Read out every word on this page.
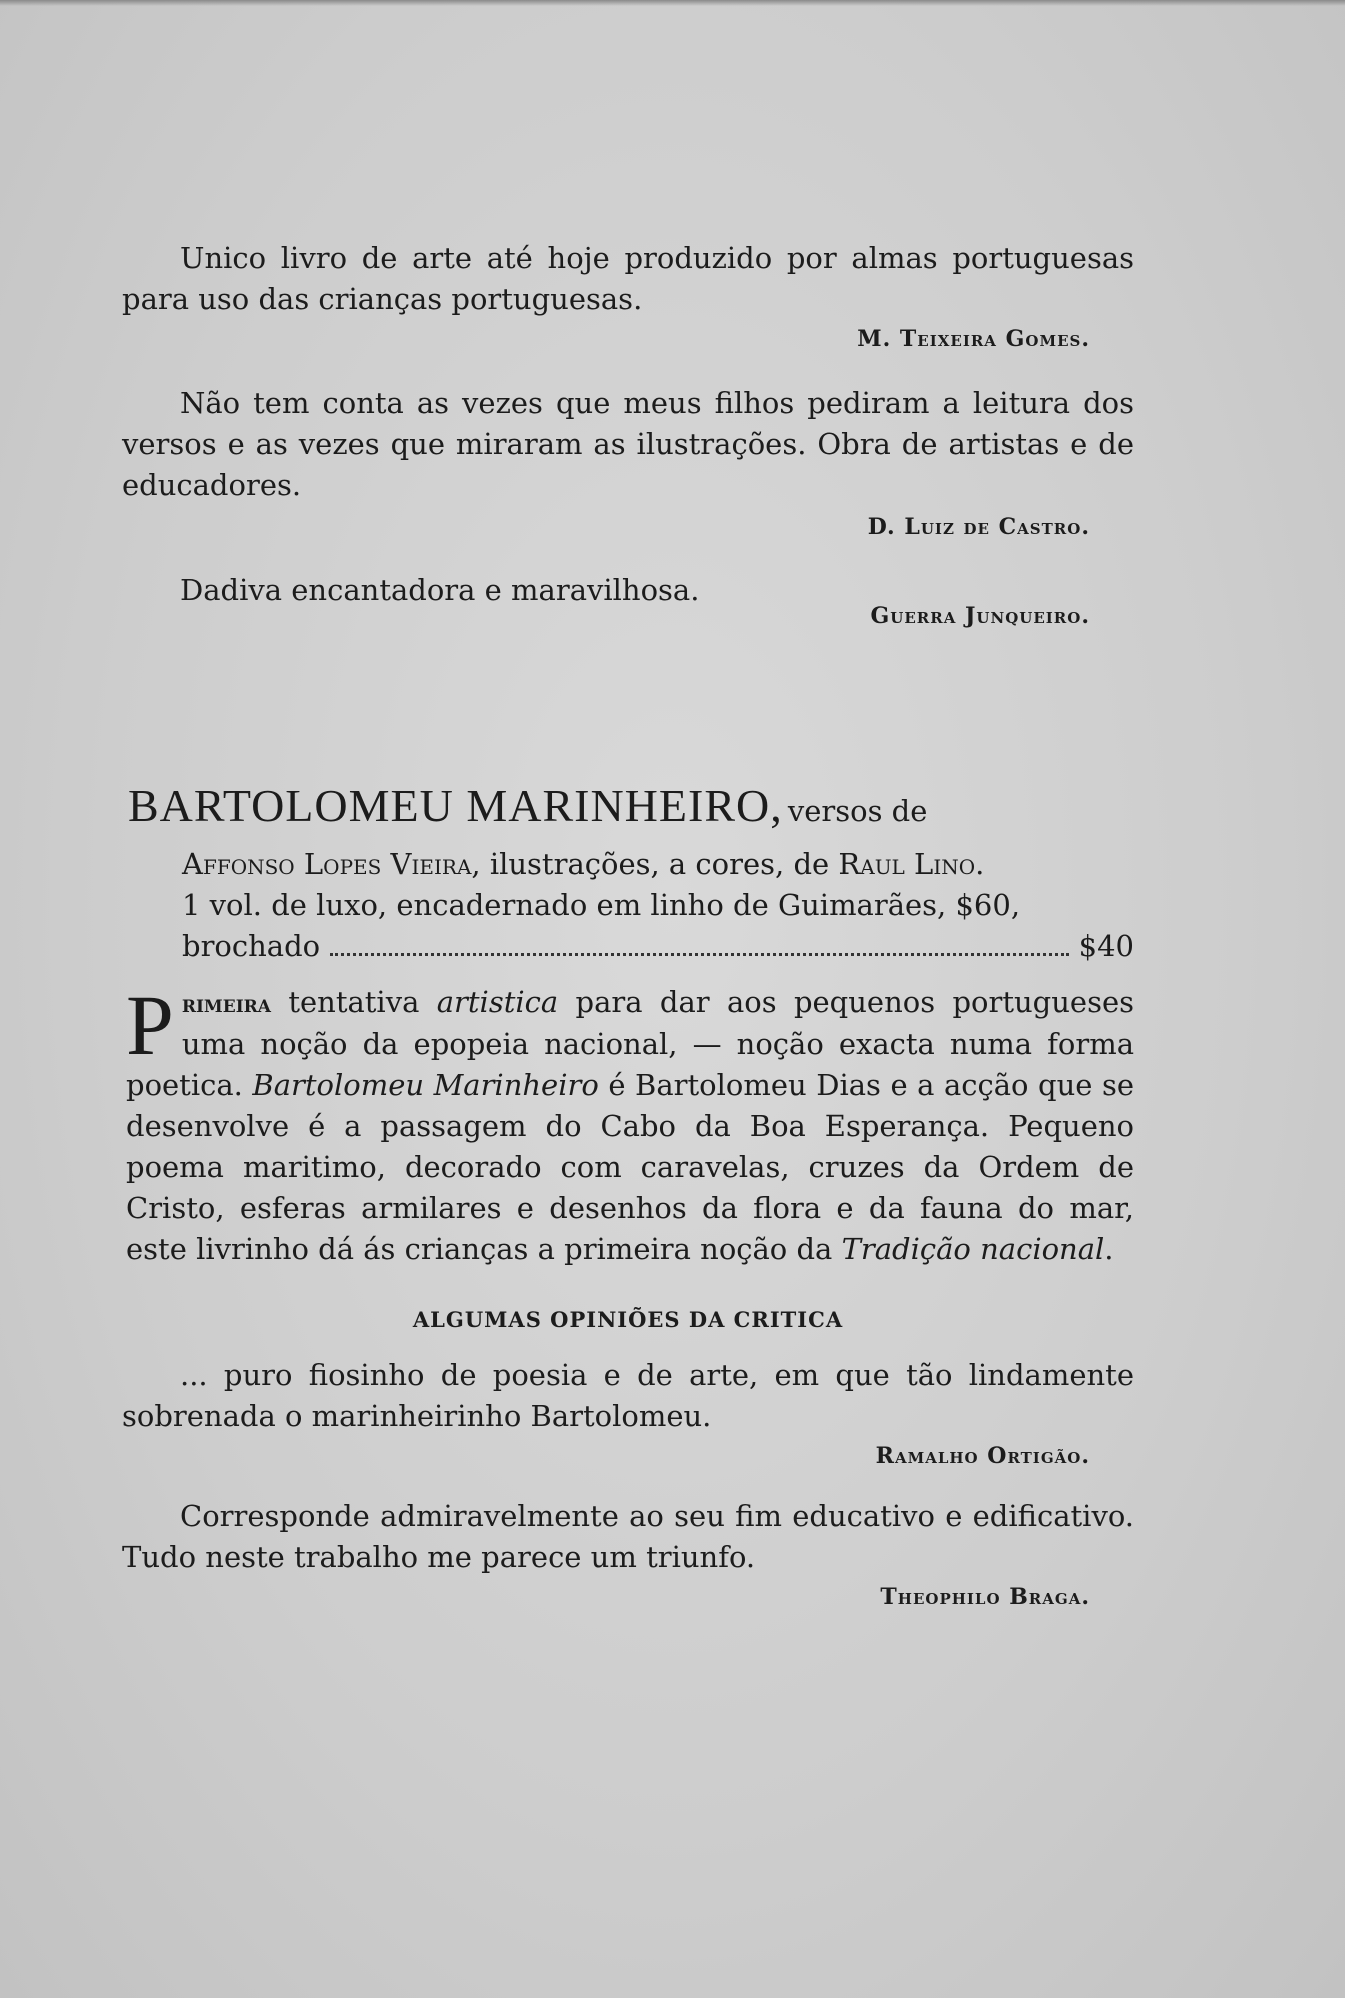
Unico livro de arte até hoje produzido por almas portuguesas para uso das crianças portuguesas.

M. Teixeira Gomes.

Não tem conta as vezes que meus filhos pediram a leitura dos versos e as vezes que miraram as ilustrações. Obra de artistas e de educadores.

D. Luiz de Castro.

Dadiva encantadora e maravilhosa.

Guerra Junqueiro.

BARTOLOMEU MARINHEIRO, versos de

Affonso Lopes Vieira, ilustrações, a cores, de Raul Lino.

1 vol. de luxo, encadernado em linho de Guimarães, $60,

brochado	$40

Primeira tentativa artistica para dar aos pequenos portugueses uma noção da epopeia nacional, — noção exacta numa forma poetica. Bartolomeu Marinheiro é Bartolomeu Dias e a acção que se desenvolve é a passagem do Cabo da Boa Esperança. Pequeno poema maritimo, decorado com caravelas, cruzes da Ordem de Cristo, esferas armilares e desenhos da flora e da fauna do mar, este livrinho dá ás crianças a primeira noção da Tradição nacional.

ALGUMAS OPINIÕES DA CRITICA

... puro fiosinho de poesia e de arte, em que tão lindamente sobrenada o marinheirinho Bartolomeu.

Ramalho Ortigão.

Corresponde admiravelmente ao seu fim educativo e edificativo. Tudo neste trabalho me parece um triunfo.

Theophilo Braga.
